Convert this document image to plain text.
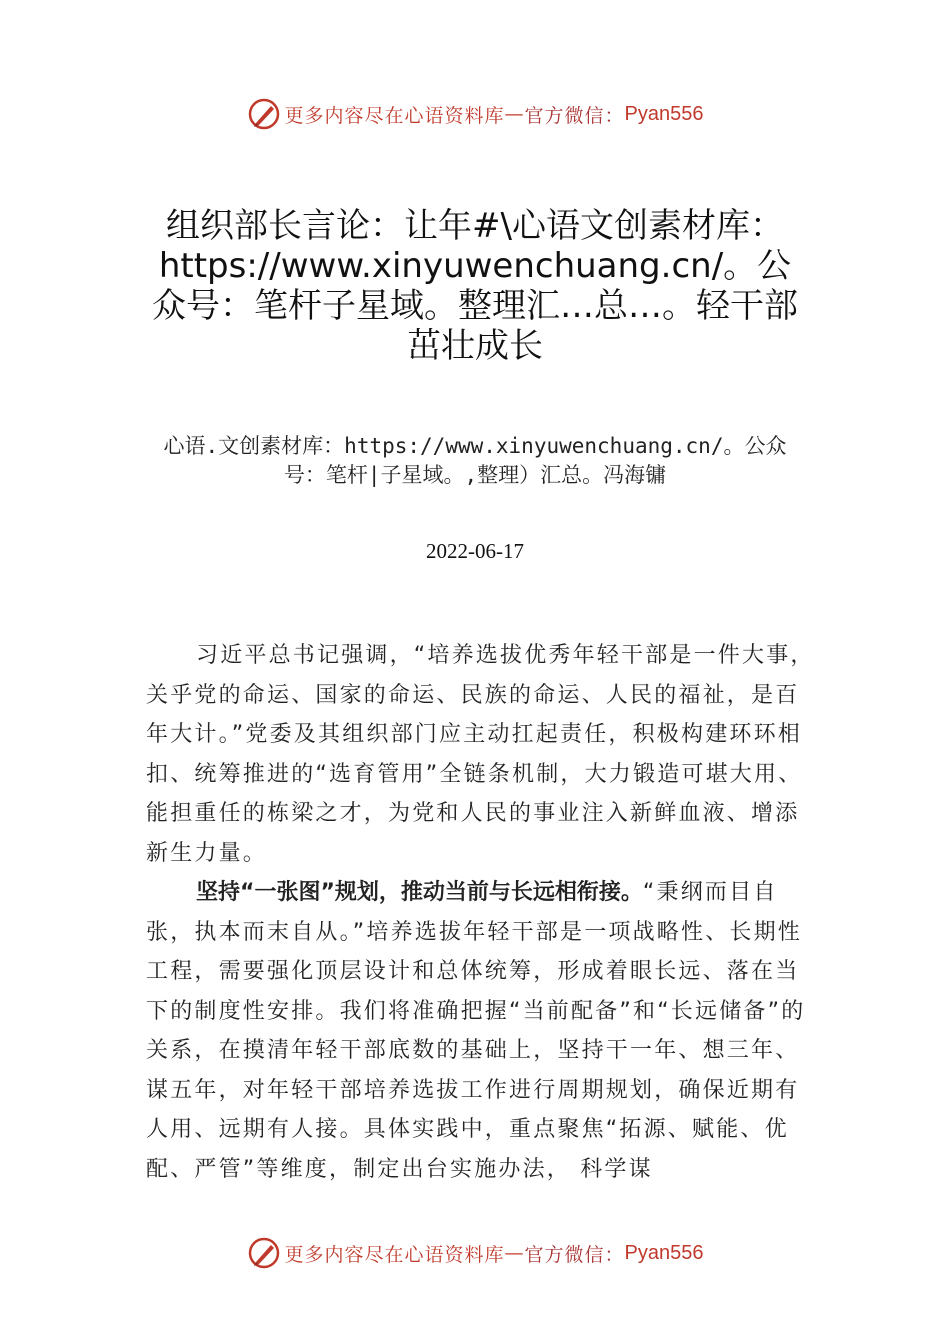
更多内容尽在心语资料库 — 官方微信： Pyan556
组织部长言论：让年#\心语文创素材库：https://www.xinyuwenchuang.cn/。公众号：笔杆子星域。整理汇…总…。轻干部茁壮成长
心语.文创素材库：https://www.xinyuwenchuang.cn/。公众号：笔杆|子星域。,整理）汇总。冯海镛
2022-06-17

习近平总书记强调，“培养选拔优秀年轻干部是一件大事，关乎党的命运、国家的命运、民族的命运、人民的福祉，是百年大计。”党委及其组织部门应主动扛起责任，积极构建环环相扣、统筹推进的“选育管用”全链条机制，大力锻造可堪大用、能担重任的栋梁之才，为党和人民的事业注入新鲜血液、增添新生力量。

坚持“一张图”规划，推动当前与长远相衔接。“秉纲而目自张，执本而末自从。”培养选拔年轻干部是一项战略性、长期性工程，需要强化顶层设计和总体统筹，形成着眼长远、落在当下的制度性安排。我们将准确把握“当前配备”和“长远储备”的关系，在摸清年轻干部底数的基础上，坚持干一年、想三年、谋五年，对年轻干部培养选拔工作进行周期规划，确保近期有人用、远期有人接。具体实践中，重点聚焦“拓源、赋能、优配、严管”等维度，制定出台实施办法， 科学谋

更多内容尽在心语资料库 — 官方微信： Pyan556
